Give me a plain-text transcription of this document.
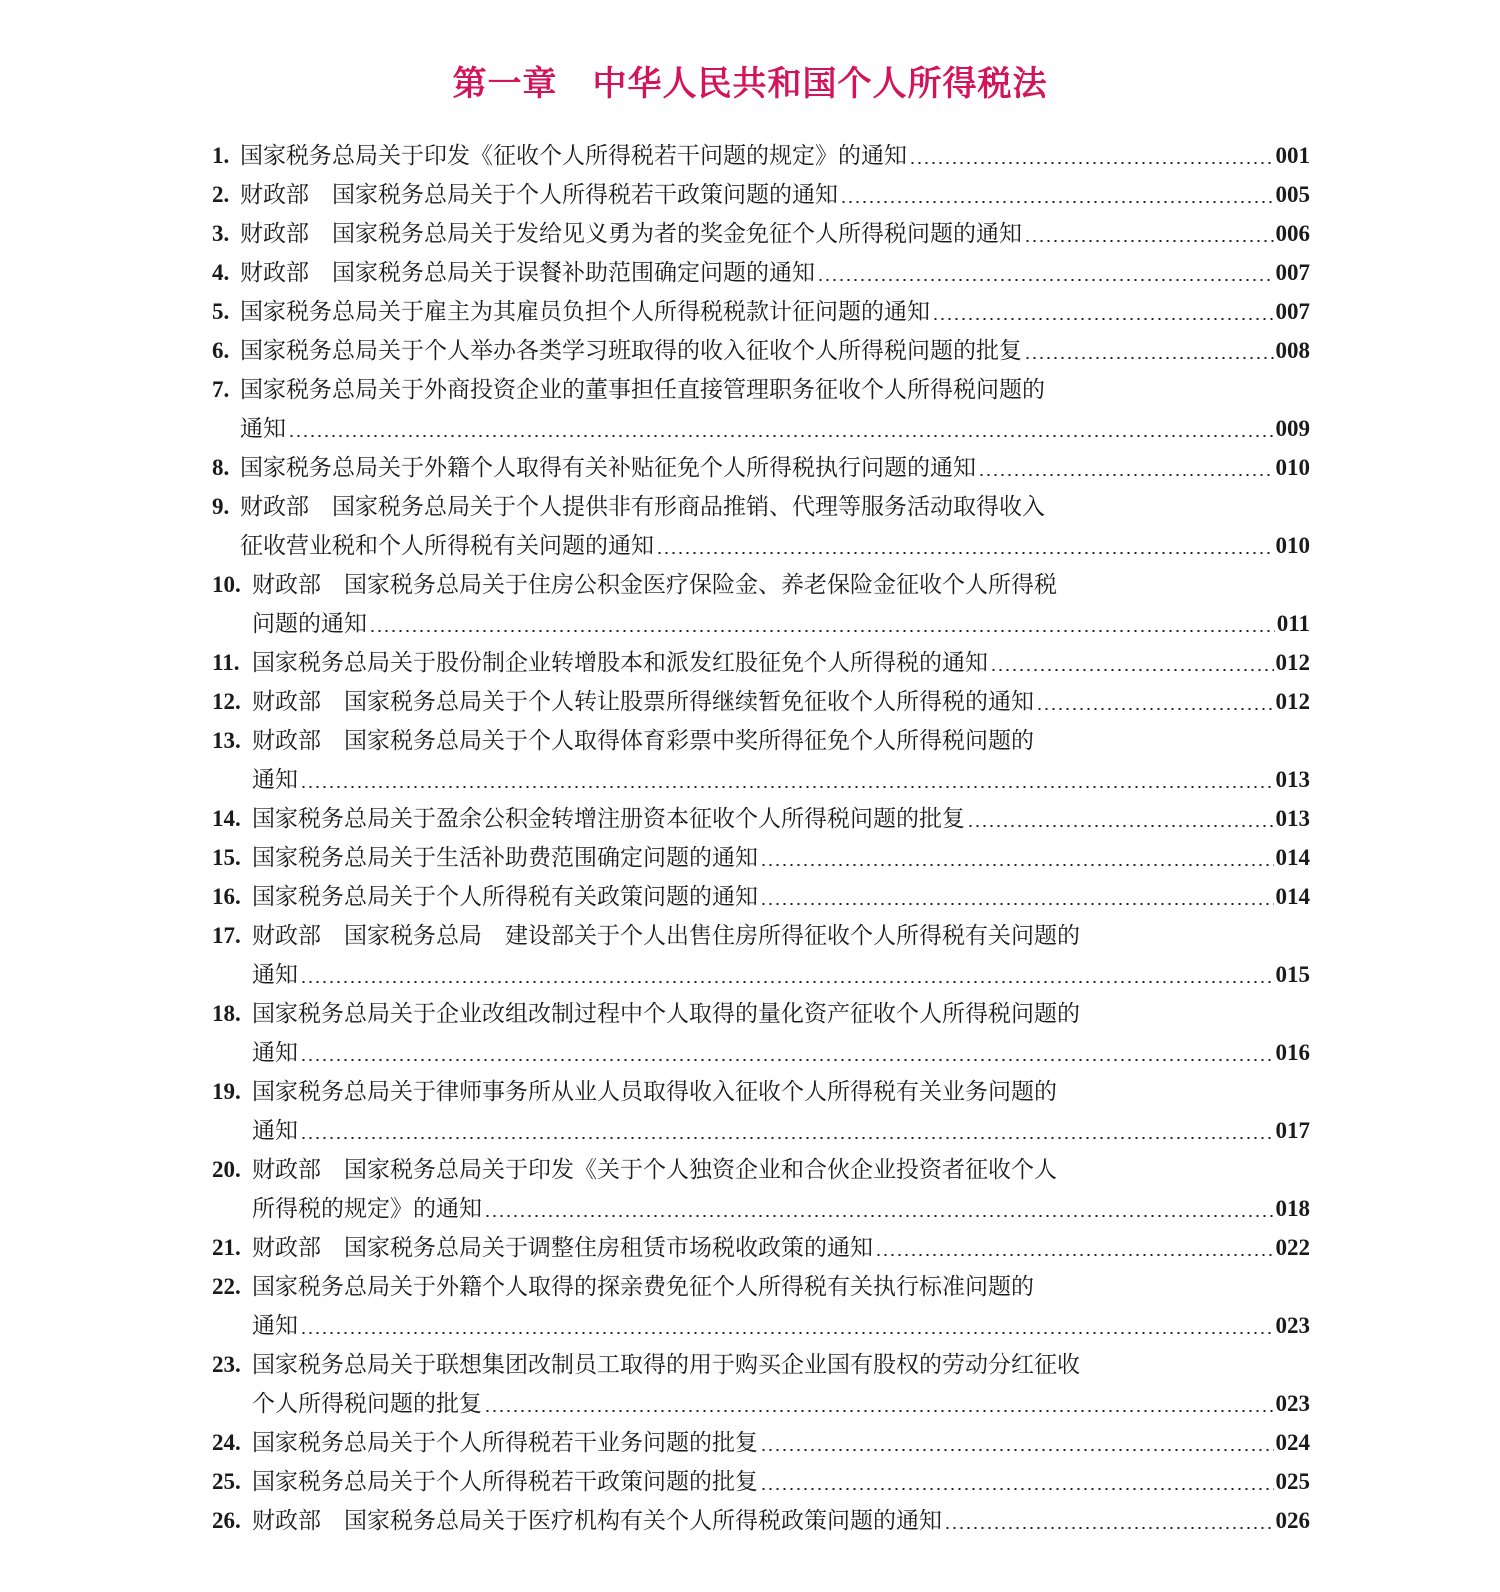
第一章　中华人民共和国个人所得税法
1. 国家税务总局关于印发《征收个人所得税若干问题的规定》的通知	001
2. 财政部　国家税务总局关于个人所得税若干政策问题的通知	005
3. 财政部　国家税务总局关于发给见义勇为者的奖金免征个人所得税问题的通知	006
4. 财政部　国家税务总局关于误餐补助范围确定问题的通知	007
5. 国家税务总局关于雇主为其雇员负担个人所得税税款计征问题的通知	007
6. 国家税务总局关于个人举办各类学习班取得的收入征收个人所得税问题的批复	008
7. 国家税务总局关于外商投资企业的董事担任直接管理职务征收个人所得税问题的
通知	009
8. 国家税务总局关于外籍个人取得有关补贴征免个人所得税执行问题的通知	010
9. 财政部　国家税务总局关于个人提供非有形商品推销、代理等服务活动取得收入
征收营业税和个人所得税有关问题的通知	010
10. 财政部　国家税务总局关于住房公积金医疗保险金、养老保险金征收个人所得税
问题的通知	011
11. 国家税务总局关于股份制企业转增股本和派发红股征免个人所得税的通知	012
12. 财政部　国家税务总局关于个人转让股票所得继续暂免征收个人所得税的通知	012
13. 财政部　国家税务总局关于个人取得体育彩票中奖所得征免个人所得税问题的
通知	013
14. 国家税务总局关于盈余公积金转增注册资本征收个人所得税问题的批复	013
15. 国家税务总局关于生活补助费范围确定问题的通知	014
16. 国家税务总局关于个人所得税有关政策问题的通知	014
17. 财政部　国家税务总局　建设部关于个人出售住房所得征收个人所得税有关问题的
通知	015
18. 国家税务总局关于企业改组改制过程中个人取得的量化资产征收个人所得税问题的
通知	016
19. 国家税务总局关于律师事务所从业人员取得收入征收个人所得税有关业务问题的
通知	017
20. 财政部　国家税务总局关于印发《关于个人独资企业和合伙企业投资者征收个人
所得税的规定》的通知	018
21. 财政部　国家税务总局关于调整住房租赁市场税收政策的通知	022
22. 国家税务总局关于外籍个人取得的探亲费免征个人所得税有关执行标准问题的
通知	023
23. 国家税务总局关于联想集团改制员工取得的用于购买企业国有股权的劳动分红征收
个人所得税问题的批复	023
24. 国家税务总局关于个人所得税若干业务问题的批复	024
25. 国家税务总局关于个人所得税若干政策问题的批复	025
26. 财政部　国家税务总局关于医疗机构有关个人所得税政策问题的通知	026
